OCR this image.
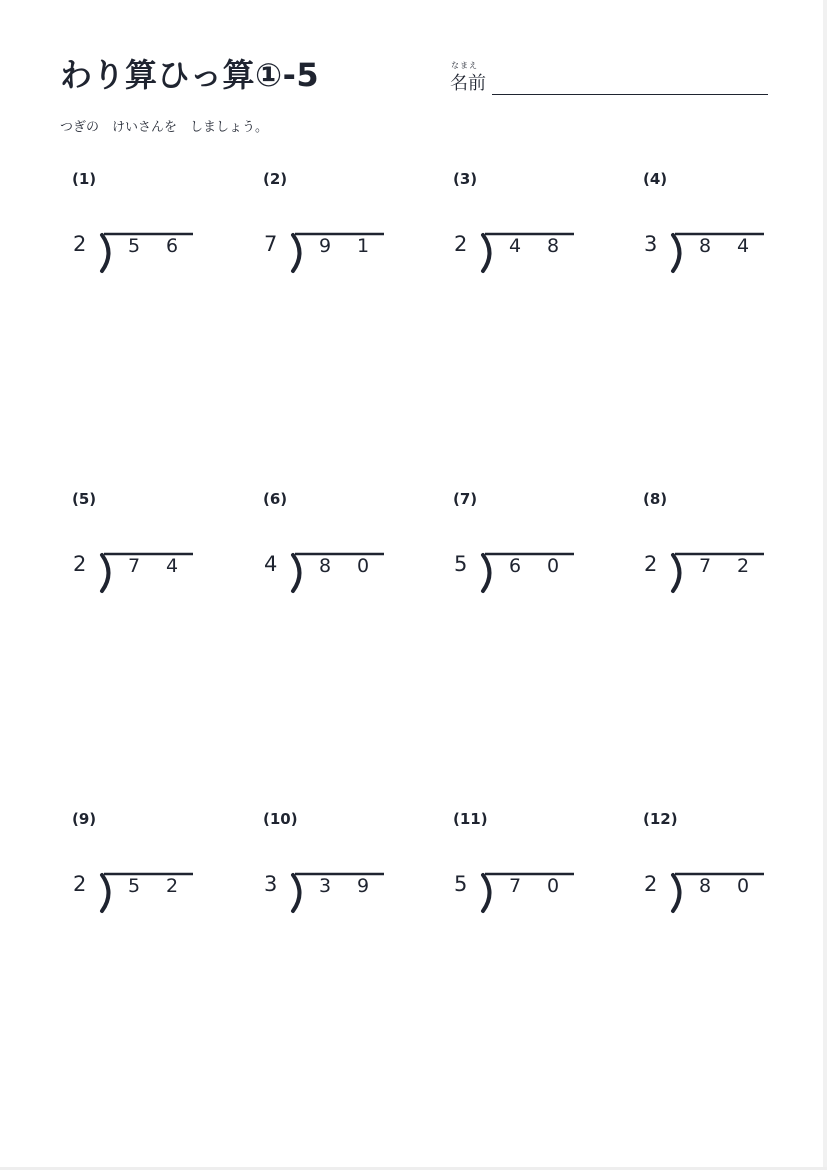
わり算ひっ算①-5	なまえ
名前
つぎの　けいさんを　しましょう。
(1)
2 5 6
(2)
7 9 1
(3)
2 4 8
(4)
3 8 4
(5)
2 7 4
(6)
4 8 0
(7)
5 6 0
(8)
2 7 2
(9)
2 5 2
(10)
3 3 9
(11)
5 7 0
(12)
2 8 0
